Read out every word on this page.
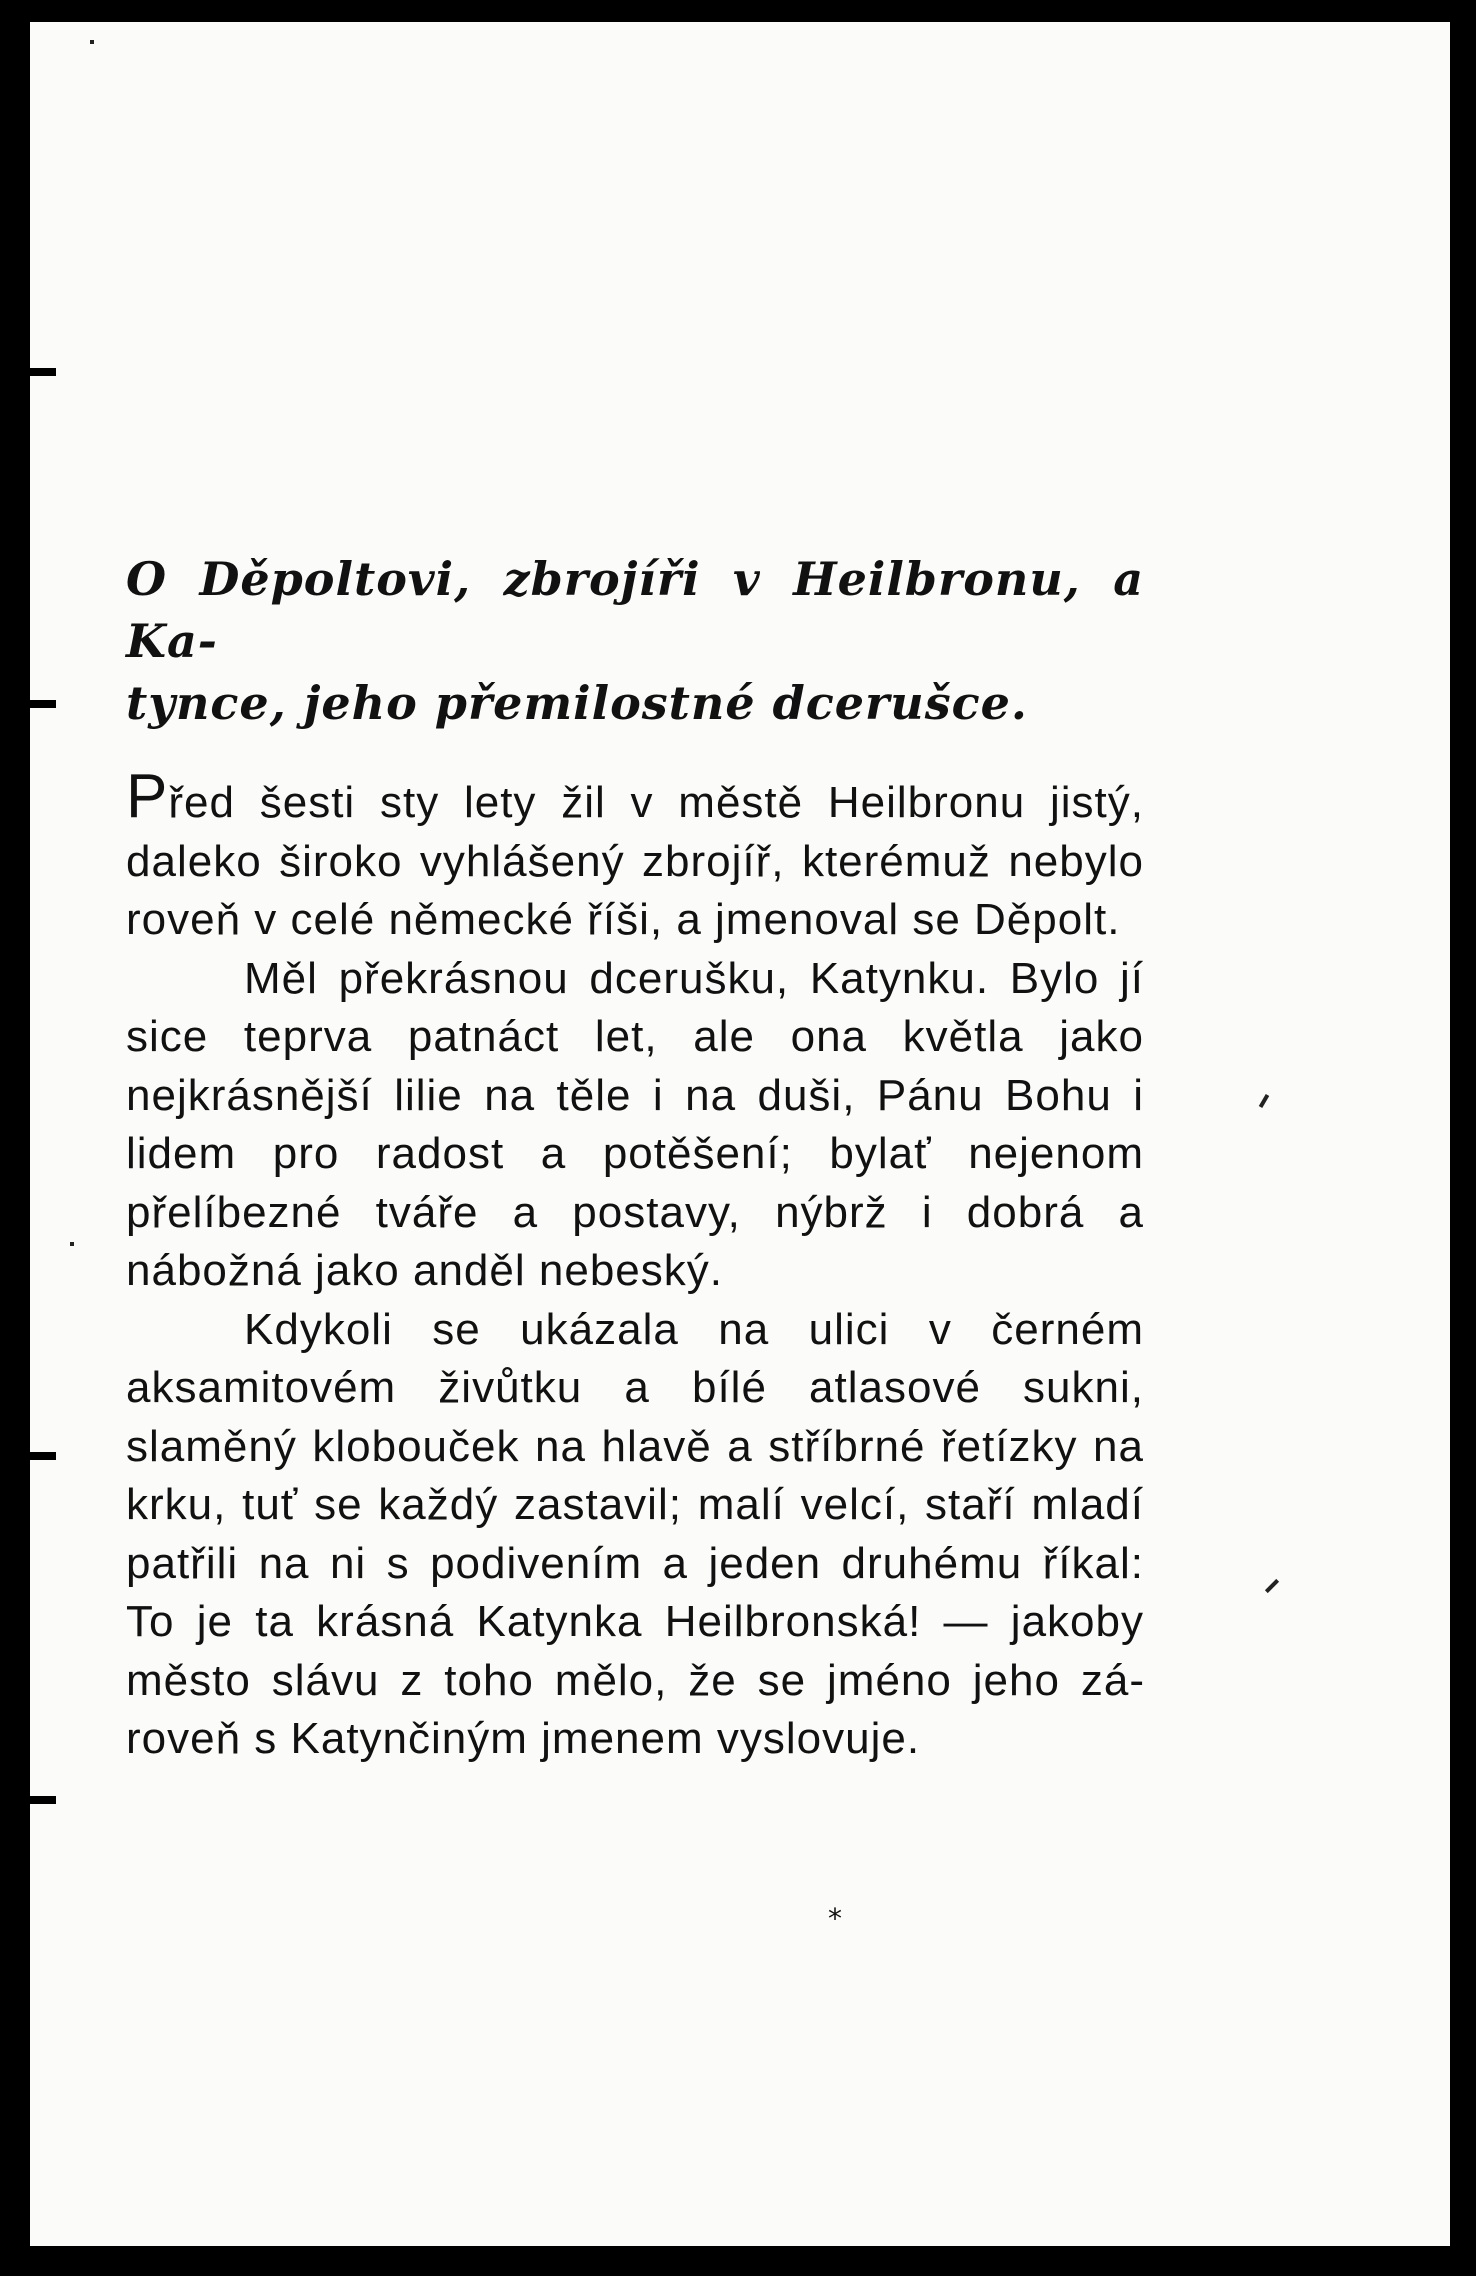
O Děpoltovi, zbrojíři v Heilbronu, a Ka-
tynce, jeho přemilostné dcerušce.

Před šesti sty lety žil v městě Heilbronu jistý, daleko široko vyhlášený zbrojíř, kterémuž nebylo roveň v celé německé říši, a jmenoval se Děpolt.

Měl překrásnou dcerušku, Katynku. Bylo jí sice teprva patnáct let, ale ona květla jako nejkrásnější lilie na těle i na duši, Pánu Bohu i lidem pro radost a potěšení; bylať nejenom přelíbezné tváře a postavy, nýbrž i dobrá a nábožná jako anděl nebeský.

Kdykoli se ukázala na ulici v černém aksamitovém živůtku a bílé atlasové sukni, slaměný klobouček na hlavě a stříbrné řetízky na krku, tuť se každý zastavil; malí velcí, staří mladí patřili na ni s podivením a jeden druhému říkal: To je ta krásná Katynka Heilbronská! — jakoby město slávu z toho mělo, že se jméno jeho zároveň s Katynčiným jmenem vyslovuje.

*
